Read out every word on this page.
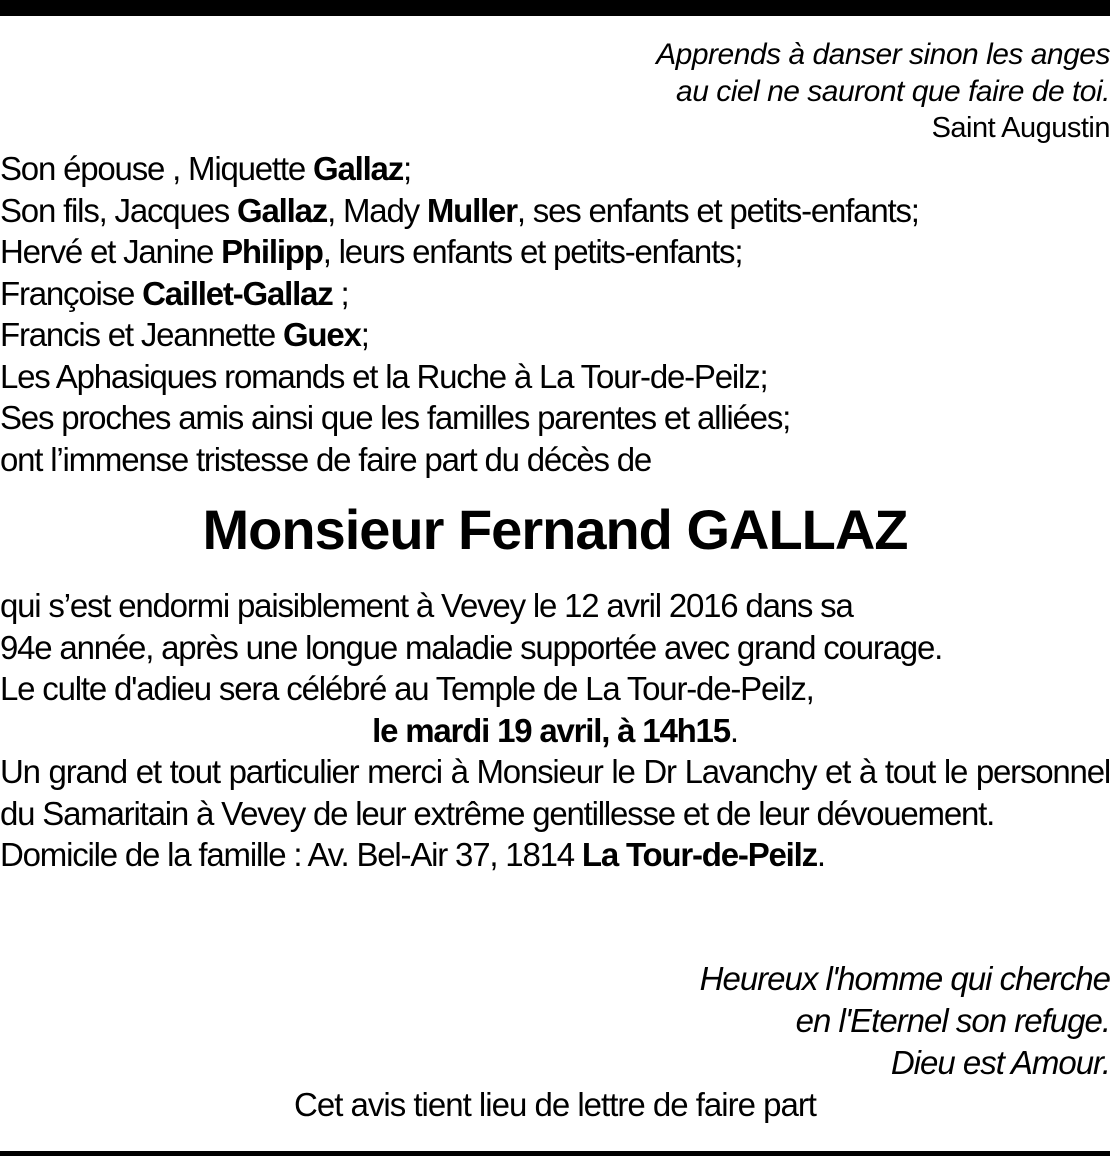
Apprends à danser sinon les anges
au ciel ne sauront que faire de toi.
Saint Augustin
Son épouse , Miquette Gallaz;
Son fils, Jacques Gallaz, Mady Muller, ses enfants et petits-enfants;
Hervé et Janine Philipp, leurs enfants et petits-enfants;
Françoise Caillet-Gallaz ;
Francis et Jeannette Guex;
Les Aphasiques romands et la Ruche à La Tour-de-Peilz;
Ses proches amis ainsi que les familles parentes et alliées;
ont l’immense tristesse de faire part du décès de
Monsieur Fernand GALLAZ
qui s’est endormi paisiblement à Vevey le 12 avril 2016 dans sa
94e année, après une longue maladie supportée avec grand courage.
Le culte d'adieu sera célébré au Temple de La Tour-de-Peilz,
le mardi 19 avril, à 14h15.
Un grand et tout particulier merci à Monsieur le Dr Lavanchy et à tout le personnel du Samaritain à Vevey de leur extrême gentillesse et de leur dévouement.
Domicile de la famille : Av. Bel-Air 37, 1814 La Tour-de-Peilz.
Heureux l'homme qui cherche
en l'Eternel son refuge.
Dieu est Amour.
Cet avis tient lieu de lettre de faire part
